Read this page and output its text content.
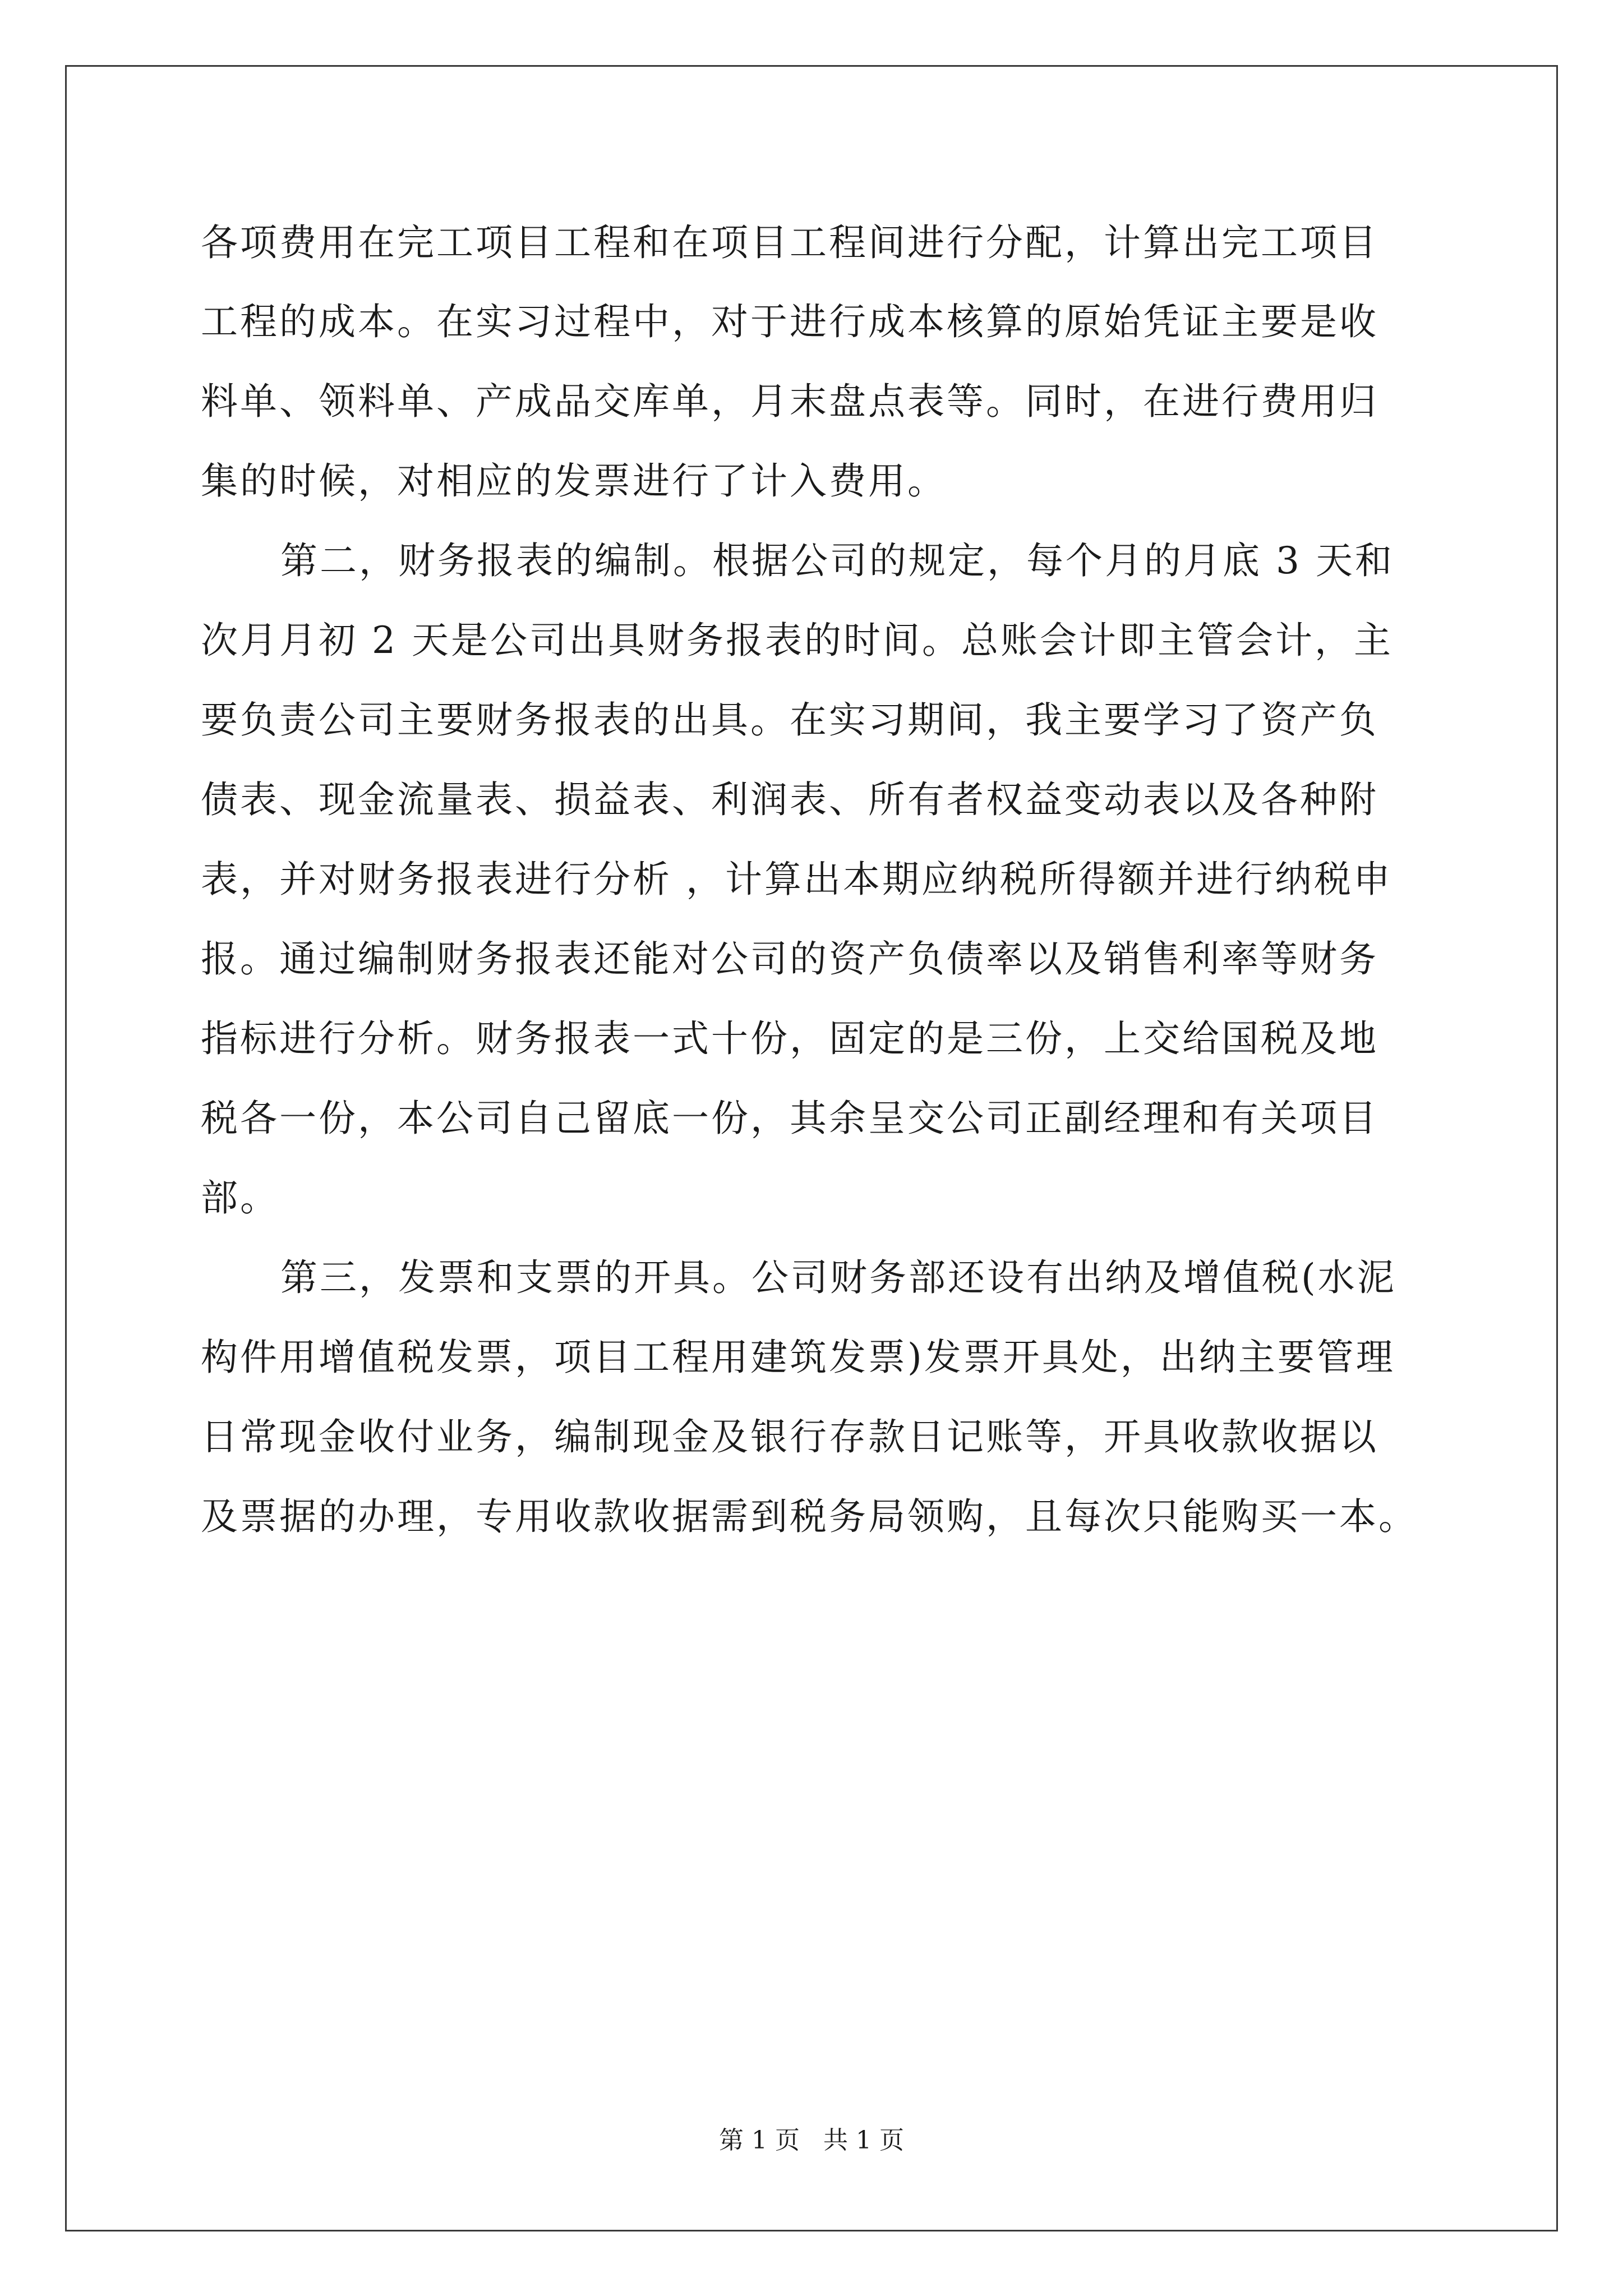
各项费用在完工项目工程和在项目工程间进行分配，计算出完工项目
工程的成本。在实习过程中，对于进行成本核算的原始凭证主要是收
料单、领料单、产成品交库单，月末盘点表等。同时，在进行费用归
集的时候，对相应的发票进行了计入费用。
第二，财务报表的编制。根据公司的规定，每个月的月底 3 天和
次月月初 2 天是公司出具财务报表的时间。总账会计即主管会计，主
要负责公司主要财务报表的出具。在实习期间，我主要学习了资产负
债表、现金流量表、损益表、利润表、所有者权益变动表以及各种附
表，并对财务报表进行分析 ，计算出本期应纳税所得额并进行纳税申
报。通过编制财务报表还能对公司的资产负债率以及销售利率等财务
指标进行分析。财务报表一式十份，固定的是三份，上交给国税及地
税各一份，本公司自己留底一份，其余呈交公司正副经理和有关项目
部。
第三，发票和支票的开具。公司财务部还设有出纳及增值税(水泥
构件用增值税发票，项目工程用建筑发票)发票开具处，出纳主要管理
日常现金收付业务，编制现金及银行存款日记账等，开具收款收据以
及票据的办理，专用收款收据需到税务局领购，且每次只能购买一本。
第 1 页 共 1 页
